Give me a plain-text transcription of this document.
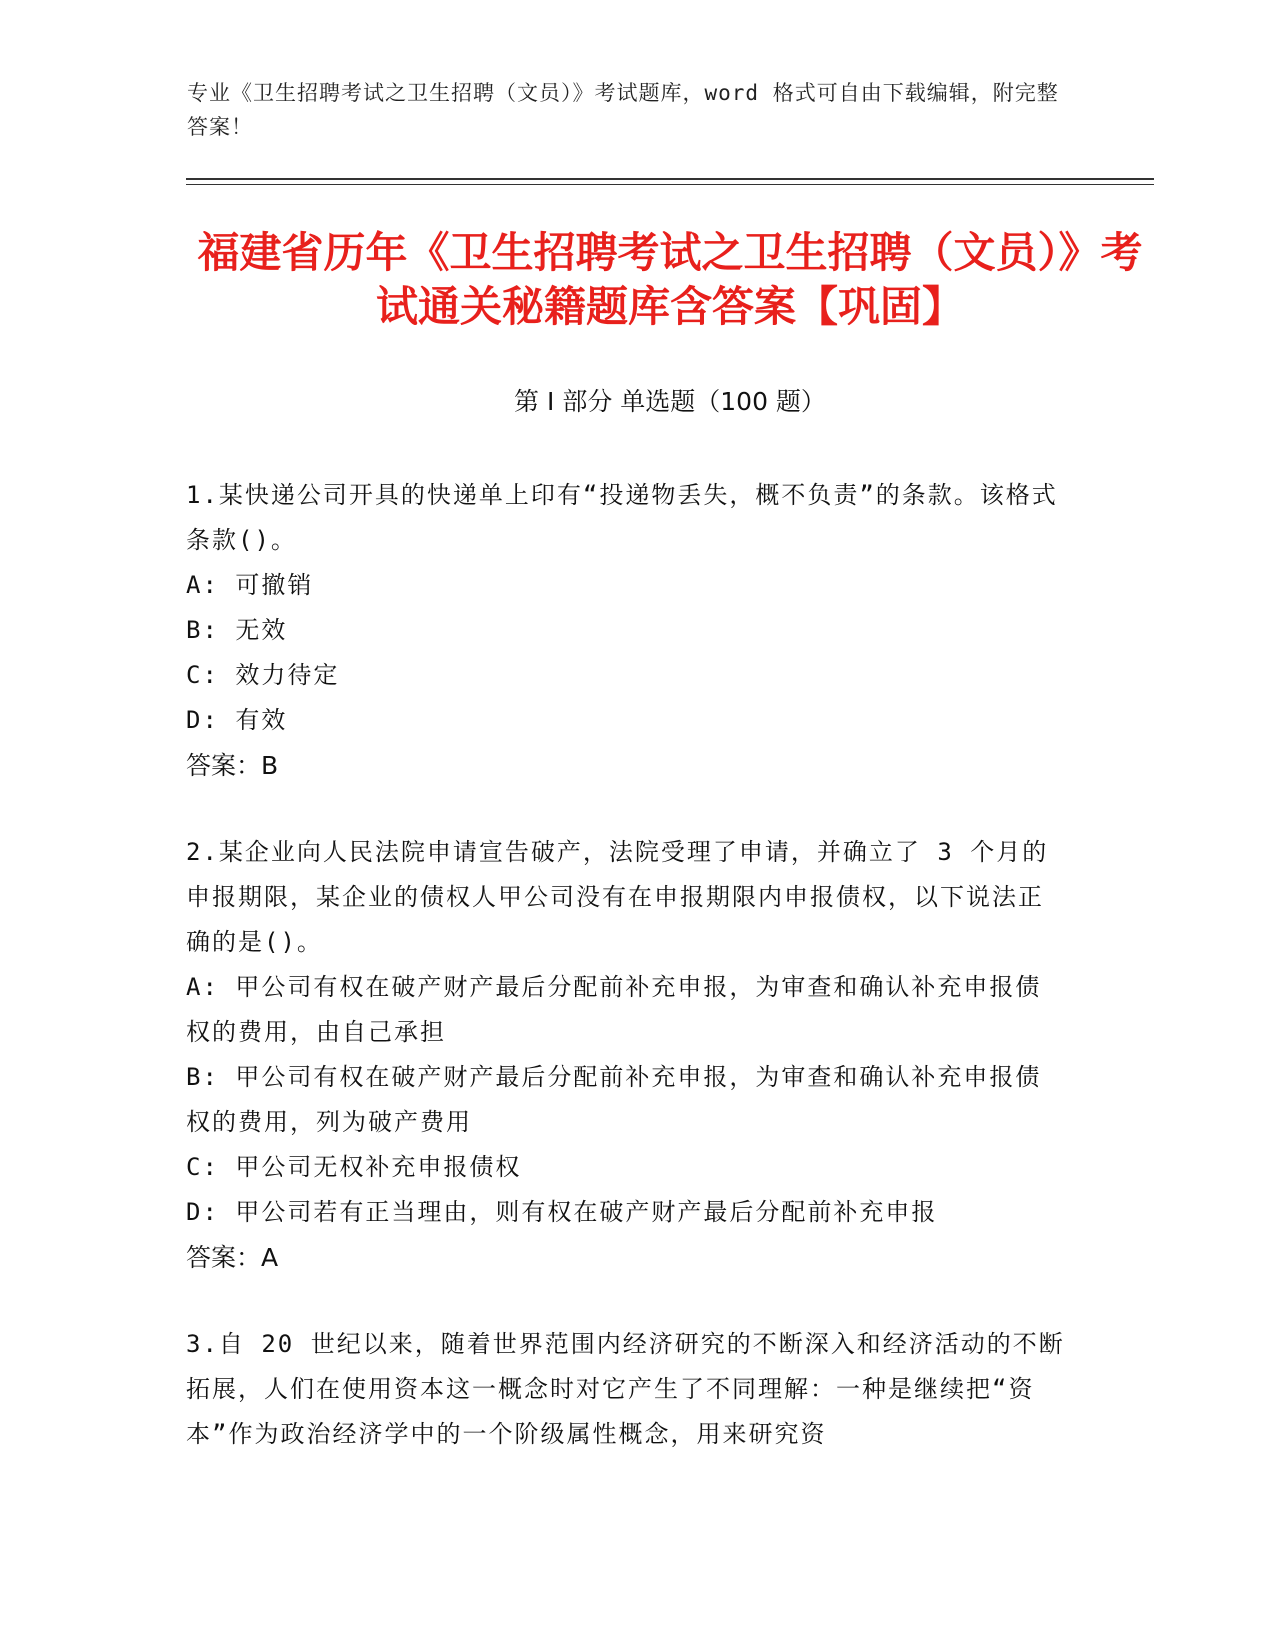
专业《卫生招聘考试之卫生招聘（文员）》考试题库，word 格式可自由下载编辑，附完整答案！
福建省历年《卫生招聘考试之卫生招聘（文员）》考试通关秘籍题库含答案【巩固】
第 I 部分 单选题（100 题）

1.某快递公司开具的快递单上印有“投递物丢失，概不负责”的条款。该格式条款()。

A: 可撤销

B: 无效

C: 效力待定

D: 有效

答案：B

2.某企业向人民法院申请宣告破产，法院受理了申请，并确立了 3 个月的申报期限，某企业的债权人甲公司没有在申报期限内申报债权，以下说法正确的是()。

A: 甲公司有权在破产财产最后分配前补充申报，为审查和确认补充申报债权的费用，由自己承担

B: 甲公司有权在破产财产最后分配前补充申报，为审查和确认补充申报债权的费用，列为破产费用

C: 甲公司无权补充申报债权

D: 甲公司若有正当理由，则有权在破产财产最后分配前补充申报

答案：A

3.自 20 世纪以来，随着世界范围内经济研究的不断深入和经济活动的不断拓展，人们在使用资本这一概念时对它产生了不同理解：一种是继续把“资本”作为政治经济学中的一个阶级属性概念，用来研究资
